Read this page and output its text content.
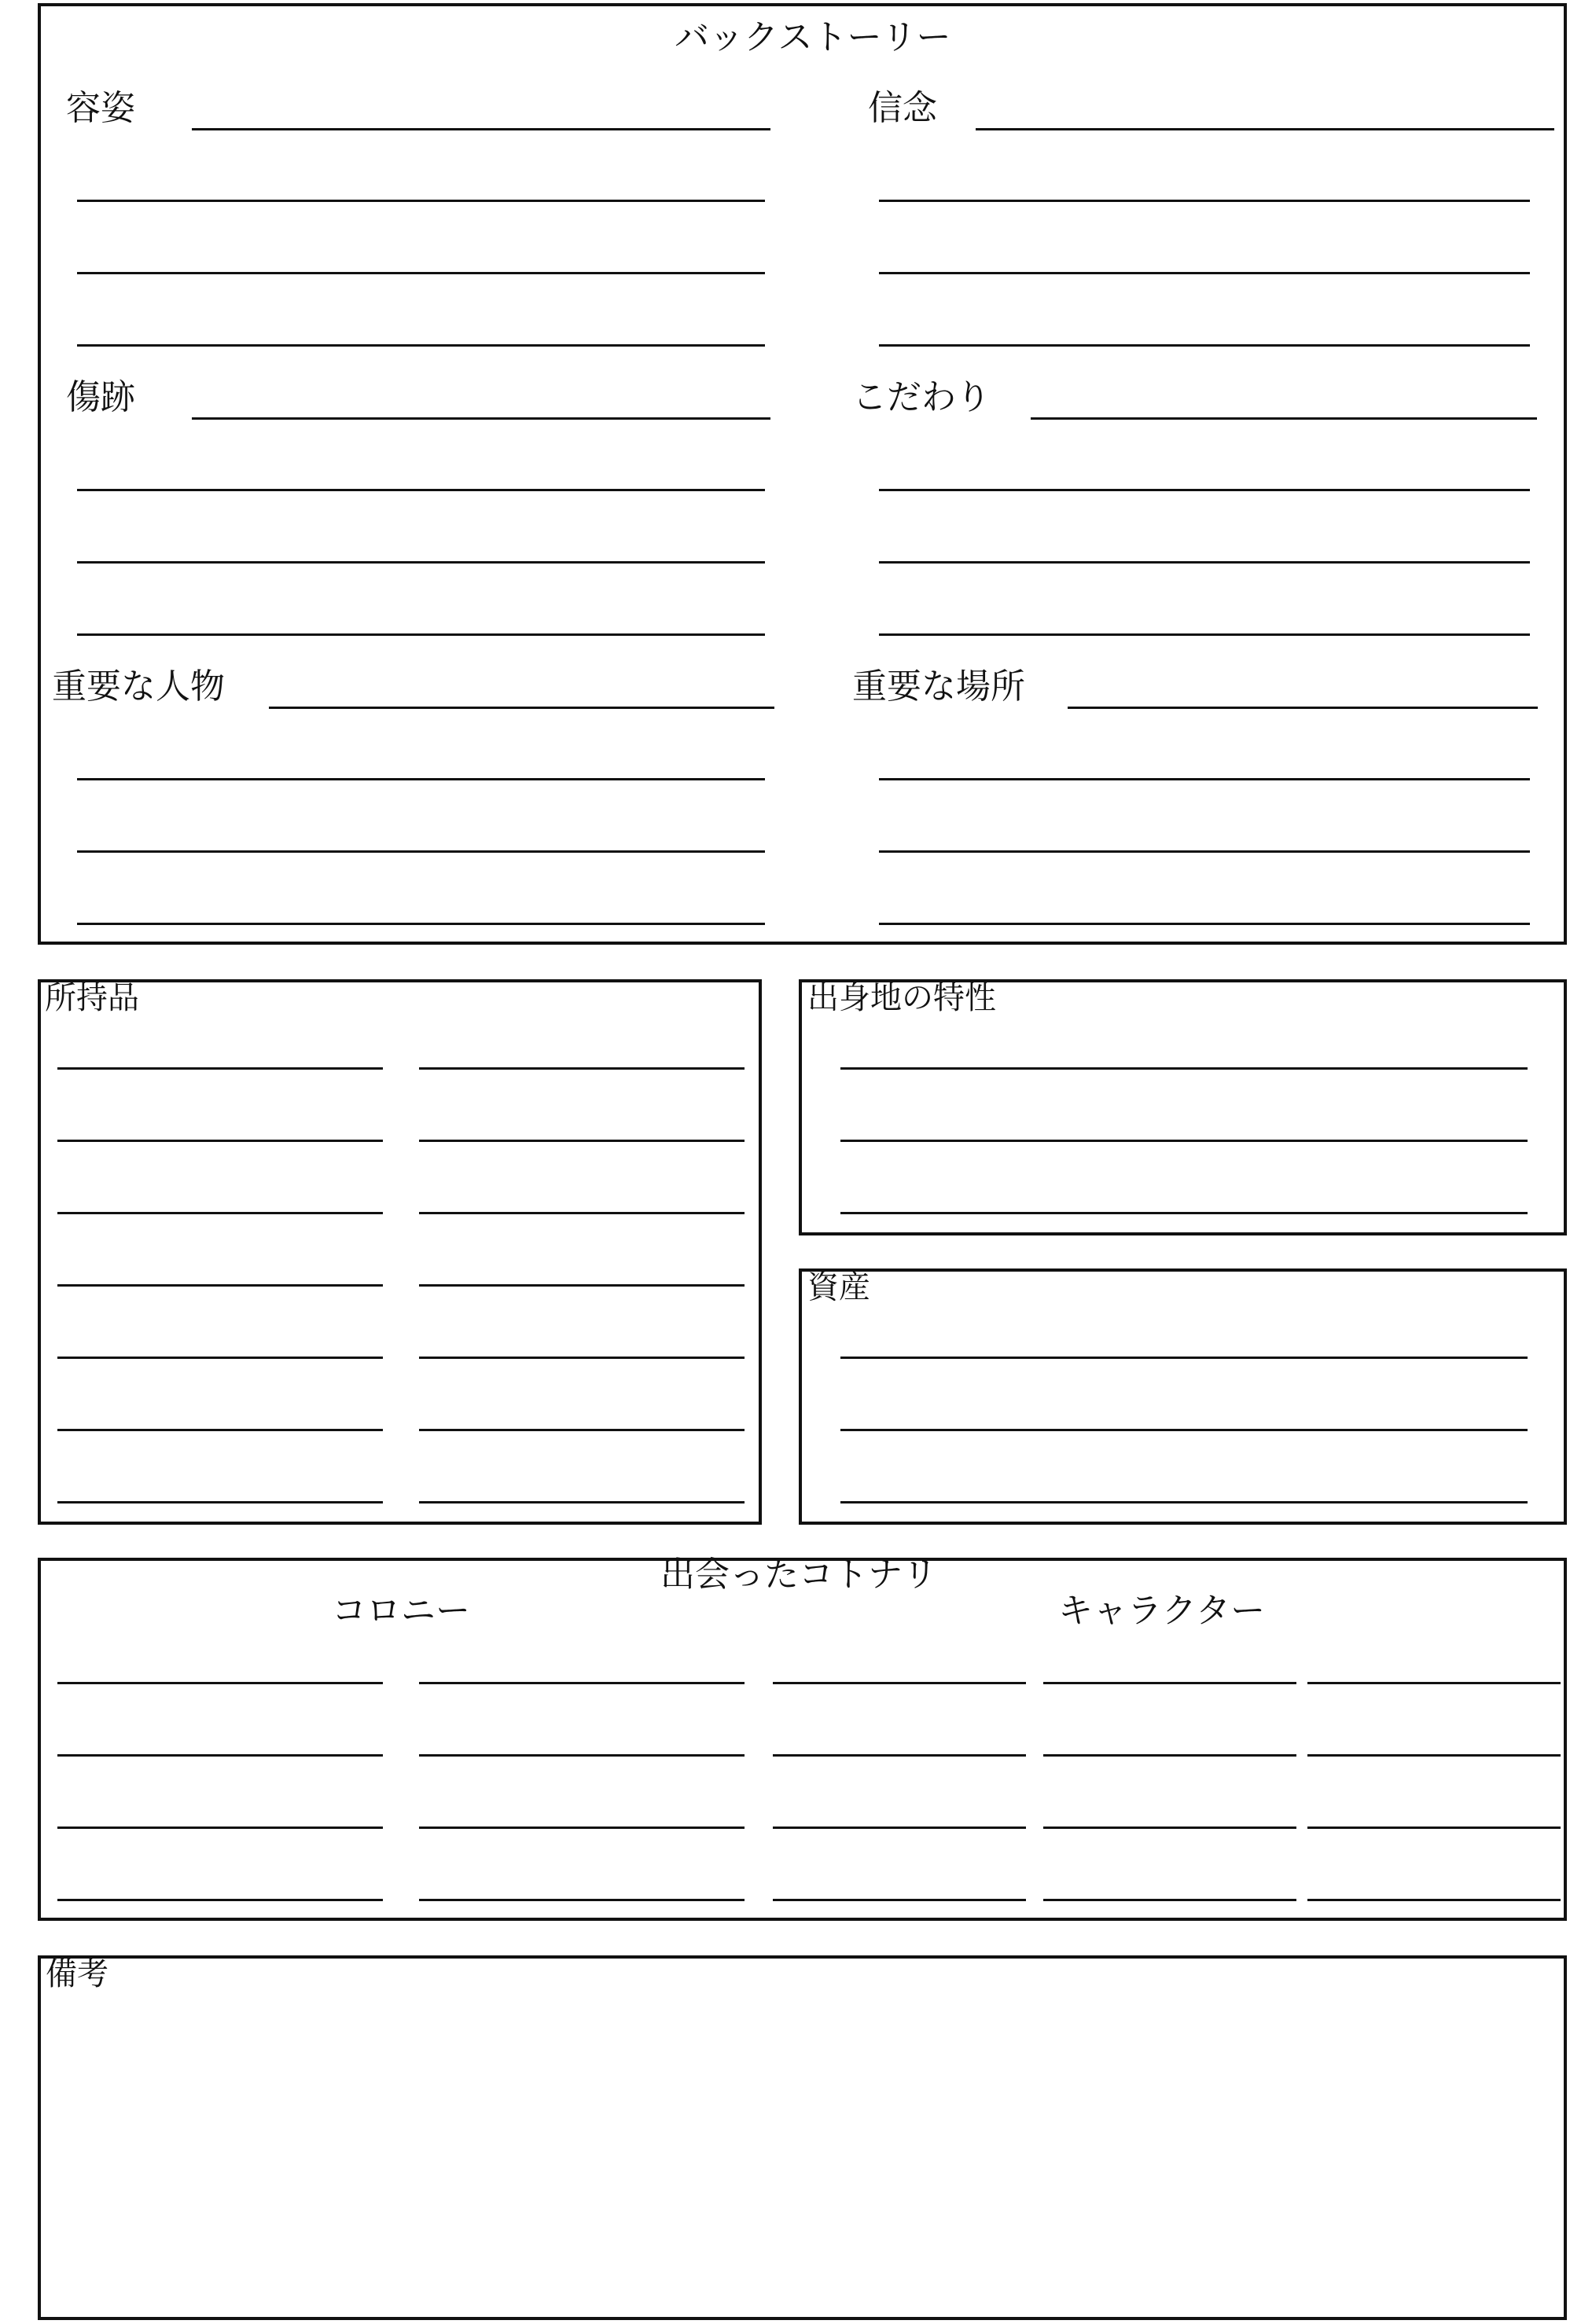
バックストーリー
容姿	信念
傷跡	こだわり
重要な人物	重要な場所
所持品	出身地の特性
資産
出会ったコトナリ
コロニー	キャラクター
備考
